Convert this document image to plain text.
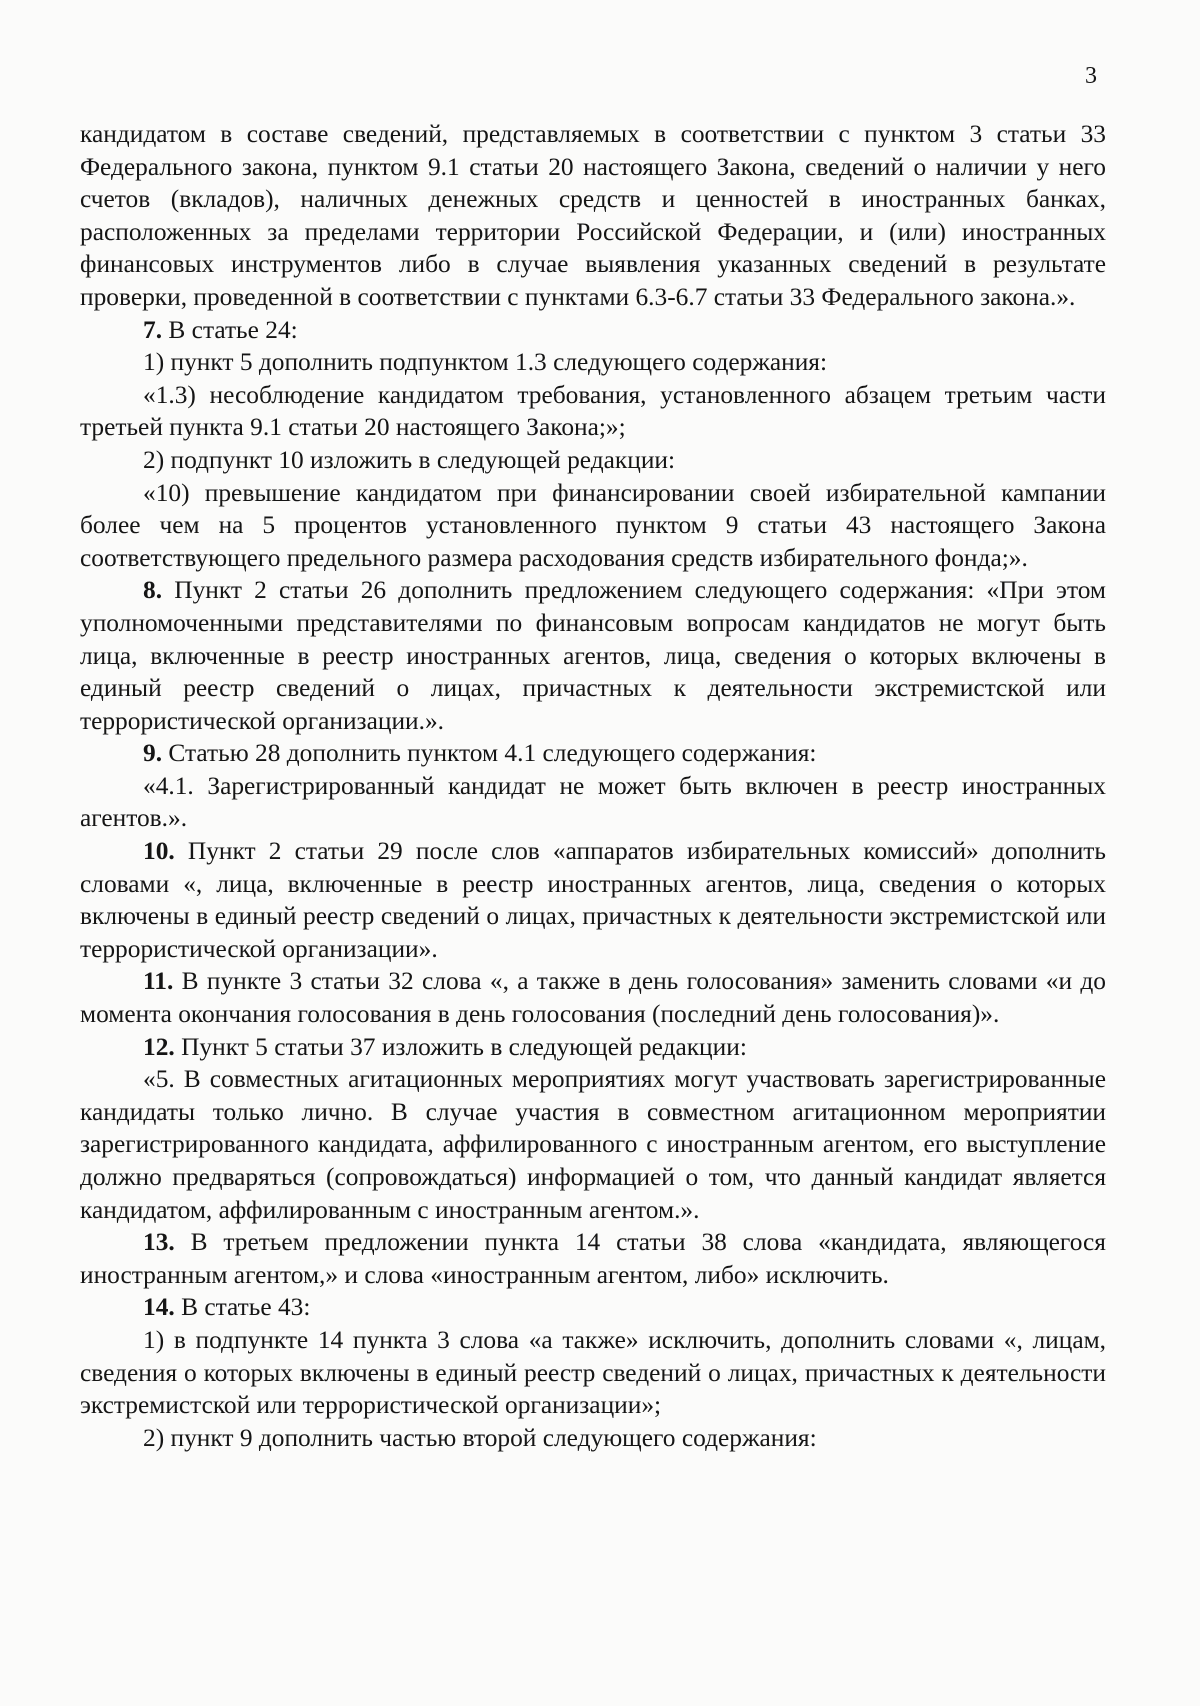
3

кандидатом в составе сведений, представляемых в соответствии с пунктом 3 статьи 33 Федерального закона, пунктом 9.1 статьи 20 настоящего Закона, сведений о наличии у него счетов (вкладов), наличных денежных средств и ценностей в иностранных банках, расположенных за пределами территории Российской Федерации, и (или) иностранных финансовых инструментов либо в случае выявления указанных сведений в результате проверки, проведенной в соответствии с пунктами 6.3-6.7 статьи 33 Федерального закона.».

7. В статье 24:

1) пункт 5 дополнить подпунктом 1.3 следующего содержания:

«1.3) несоблюдение кандидатом требования, установленного абзацем третьим части третьей пункта 9.1 статьи 20 настоящего Закона;»;

2) подпункт 10 изложить в следующей редакции:

«10) превышение кандидатом при финансировании своей избирательной кампании более чем на 5 процентов установленного пунктом 9 статьи 43 настоящего Закона соответствующего предельного размера расходования средств избирательного фонда;».

8. Пункт 2 статьи 26 дополнить предложением следующего содержания: «При этом уполномоченными представителями по финансовым вопросам кандидатов не могут быть лица, включенные в реестр иностранных агентов, лица, сведения о которых включены в единый реестр сведений о лицах, причастных к деятельности экстремистской или террористической организации.».

9. Статью 28 дополнить пунктом 4.1 следующего содержания:

«4.1. Зарегистрированный кандидат не может быть включен в реестр иностранных агентов.».

10. Пункт 2 статьи 29 после слов «аппаратов избирательных комиссий» дополнить словами «, лица, включенные в реестр иностранных агентов, лица, сведения о которых включены в единый реестр сведений о лицах, причастных к деятельности экстремистской или террористической организации».

11. В пункте 3 статьи 32 слова «, а также в день голосования» заменить словами «и до момента окончания голосования в день голосования (последний день голосования)».

12. Пункт 5 статьи 37 изложить в следующей редакции:

«5. В совместных агитационных мероприятиях могут участвовать зарегистрированные кандидаты только лично. В случае участия в совместном агитационном мероприятии зарегистрированного кандидата, аффилированного с иностранным агентом, его выступление должно предваряться (сопровождаться) информацией о том, что данный кандидат является кандидатом, аффилированным с иностранным агентом.».

13. В третьем предложении пункта 14 статьи 38 слова «кандидата, являющегося иностранным агентом,» и слова «иностранным агентом, либо» исключить.

14. В статье 43:

1) в подпункте 14 пункта 3 слова «а также» исключить, дополнить словами «, лицам, сведения о которых включены в единый реестр сведений о лицах, причастных к деятельности экстремистской или террористической организации»;

2) пункт 9 дополнить частью второй следующего содержания:
